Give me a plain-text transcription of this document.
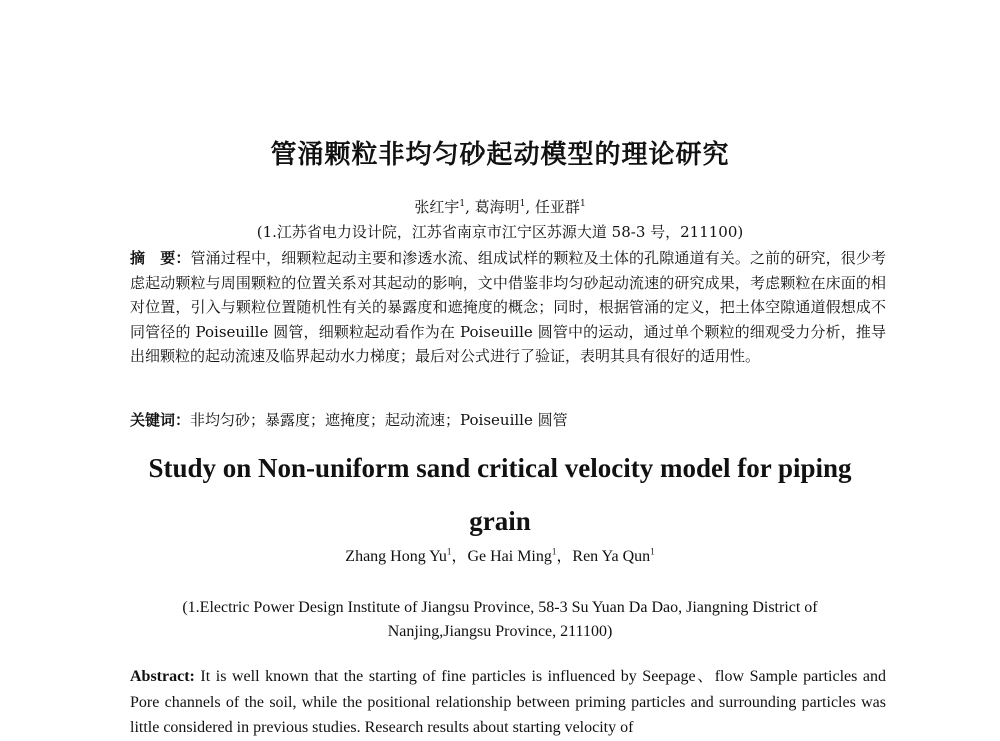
管涌颗粒非均匀砂起动模型的理论研究
张红宇$^1$, 葛海明$^1$, 任亚群$^1$
(1.江苏省电力设计院，江苏省南京市江宁区苏源大道 58-3 号，211100)
摘　要：管涌过程中，细颗粒起动主要和渗透水流、组成试样的颗粒及土体的孔隙通道有关。之前的研究，很少考虑起动颗粒与周围颗粒的位置关系对其起动的影响，文中借鉴非均匀砂起动流速的研究成果，考虑颗粒在床面的相对位置，引入与颗粒位置随机性有关的暴露度和遮掩度的概念；同时，根据管涌的定义，把土体空隙通道假想成不同管径的 Poiseuille 圆管，细颗粒起动看作为在 Poiseuille 圆管中的运动，通过单个颗粒的细观受力分析，推导出细颗粒的起动流速及临界起动水力梯度；最后对公式进行了验证，表明其具有很好的适用性。
关键词：非均匀砂；暴露度；遮掩度；起动流速；Poiseuille 圆管
Study on Non-uniform sand critical velocity model for piping grain
Zhang Hong Yu$^1$，Ge Hai Ming$^1$，Ren Ya Qun$^1$
(1.Electric Power Design Institute of Jiangsu Province, 58-3 Su Yuan Da Dao, Jiangning District of Nanjing,Jiangsu Province, 211100)
Abstract: It is well known that the starting of fine particles is influenced by Seepage、flow Sample particles and Pore channels of the soil, while the positional relationship between priming particles and surrounding particles was little considered in previous studies. Research results about starting velocity of
